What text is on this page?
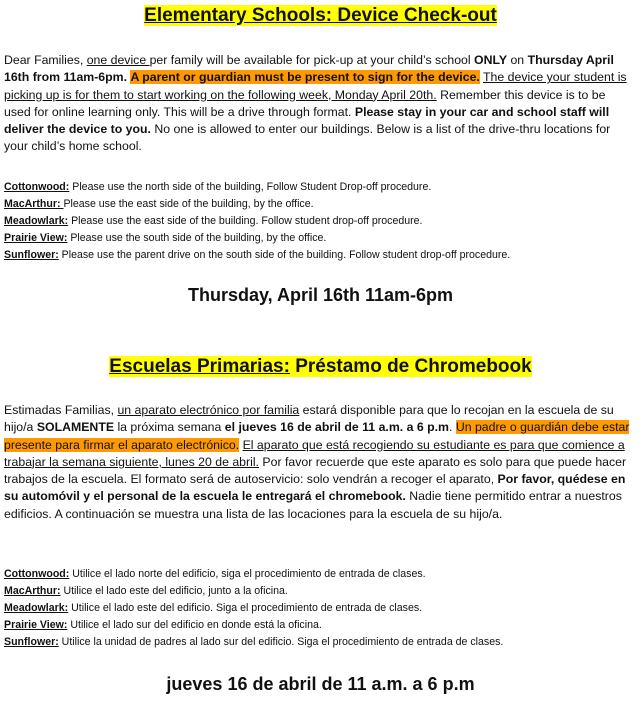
Elementary Schools: Device Check-out
Dear Families, one device per family will be available for pick-up at your child’s school ONLY on Thursday April 16th from 11am-6pm. A parent or guardian must be present to sign for the device. The device your student is picking up is for them to start working on the following week, Monday April 20th. Remember this device is to be used for online learning only. This will be a drive through format. Please stay in your car and school staff will deliver the device to you. No one is allowed to enter our buildings. Below is a list of the drive-thru locations for your child’s home school.
Cottonwood: Please use the north side of the building, Follow Student Drop-off procedure.
MacArthur: Please use the east side of the building, by the office.
Meadowlark: Please use the east side of the building. Follow student drop-off procedure.
Prairie View: Please use the south side of the building, by the office.
Sunflower: Please use the parent drive on the south side of the building. Follow student drop-off procedure.
Thursday, April 16th 11am-6pm
Escuelas Primarias: Préstamo de Chromebook
Estimadas Familias, un aparato electrónico por familia estará disponible para que lo recojan en la escuela de su hijo/a SOLAMENTE la próxima semana el jueves 16 de abril de 11 a.m. a 6 p.m. Un padre o guardián debe estar presente para firmar el aparato electrónico. El aparato que está recogiendo su estudiante es para que comience a trabajar la semana siguiente, lunes 20 de abril. Por favor recuerde que este aparato es solo para que puede hacer trabajos de la escuela. El formato será de autoservicio: solo vendrán a recoger el aparato, Por favor, quédese en su automóvil y el personal de la escuela le entregará el chromebook. Nadie tiene permitido entrar a nuestros edificios. A continuación se muestra una lista de las locaciones para la escuela de su hijo/a.
Cottonwood: Utilice el lado norte del edificio, siga el procedimiento de entrada de clases.
MacArthur: Utilice el lado este del edificio, junto a la oficina.
Meadowlark: Utilice el lado este del edificio. Siga el procedimiento de entrada de clases.
Prairie View: Utilice el lado sur del edificio en donde está la oficina.
Sunflower: Utilice la unidad de padres al lado sur del edificio. Siga el procedimiento de entrada de clases.
jueves 16 de abril de 11 a.m. a 6 p.m
